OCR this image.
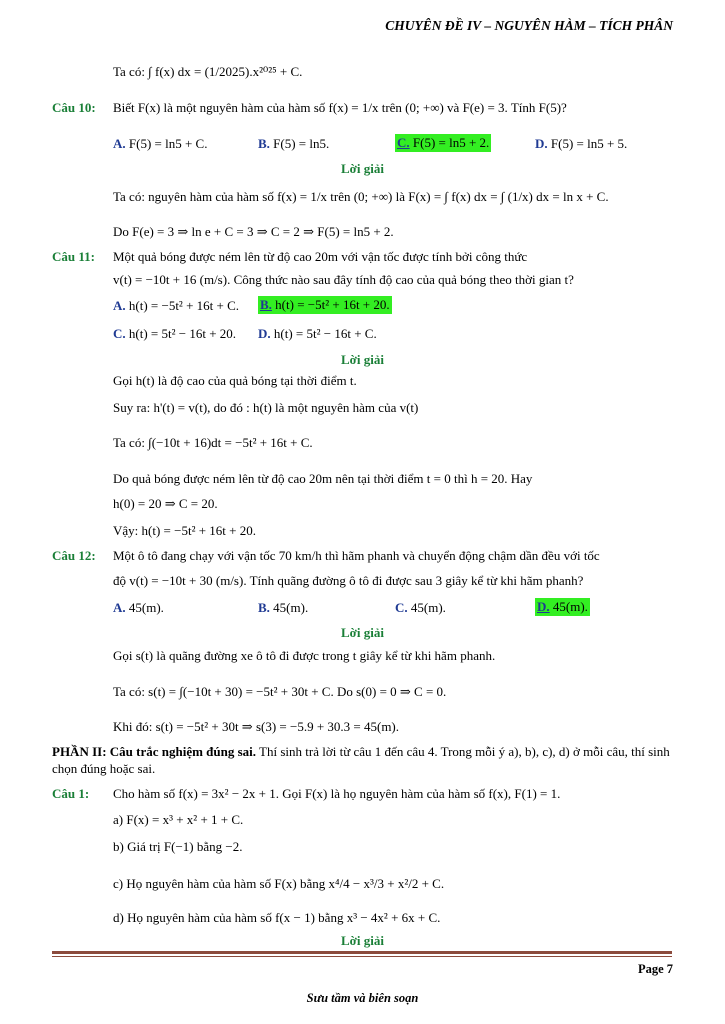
CHUYÊN ĐỀ IV – NGUYÊN HÀM – TÍCH PHÂN
Ta có: ∫ f(x) dx = (1/2025).x²⁰²⁵ + C.
Câu 10: Biết F(x) là một nguyên hàm của hàm số f(x) = 1/x trên (0; +∞) và F(e) = 3. Tính F(5)?
A. F(5) = ln5 + C.	B. F(5) = ln5.	C. F(5) = ln5 + 2.	D. F(5) = ln5 + 5.
Lời giải
Ta có: nguyên hàm của hàm số f(x) = 1/x trên (0; +∞) là F(x) = ∫ f(x) dx = ∫ (1/x) dx = ln x + C.
Do F(e) = 3 ⇒ ln e + C = 3 ⇒ C = 2 ⇒ F(5) = ln5 + 2.
Câu 11: Một quả bóng được ném lên từ độ cao 20m với vận tốc được tính bởi công thức
v(t) = −10t + 16 (m/s). Công thức nào sau đây tính độ cao của quả bóng theo thời gian t?
A. h(t) = −5t² + 16t + C. B. h(t) = −5t² + 16t + 20.
C. h(t) = 5t² − 16t + 20. D. h(t) = 5t² − 16t + C.
Lời giải
Gọi h(t) là độ cao của quả bóng tại thời điểm t.
Suy ra: h'(t) = v(t), do đó : h(t) là một nguyên hàm của v(t)
Ta có: ∫(−10t + 16)dt = −5t² + 16t + C.
Do quả bóng được ném lên từ độ cao 20m nên tại thời điểm t = 0 thì h = 20. Hay
h(0) = 20 ⇒ C = 20.
Vậy: h(t) = −5t² + 16t + 20.
Câu 12: Một ô tô đang chạy với vận tốc 70 km/h thì hãm phanh và chuyển động chậm dần đều với tốc
độ v(t) = −10t + 30 (m/s). Tính quãng đường ô tô đi được sau 3 giây kể từ khi hãm phanh?
A. 45(m).	B. 45(m).	C. 45(m).	D. 45(m).
Lời giải
Gọi s(t) là quãng đường xe ô tô đi được trong t giây kể từ khi hãm phanh.
Ta có: s(t) = ∫(−10t + 30) = −5t² + 30t + C. Do s(0) = 0 ⇒ C = 0.
Khi đó: s(t) = −5t² + 30t ⇒ s(3) = −5.9 + 30.3 = 45(m).
PHẦN II: Câu trắc nghiệm đúng sai. Thí sinh trả lời từ câu 1 đến câu 4. Trong mỗi ý a), b), c), d) ở mỗi câu, thí sinh chọn đúng hoặc sai.
Câu 1: Cho hàm số f(x) = 3x² − 2x + 1. Gọi F(x) là họ nguyên hàm của hàm số f(x), F(1) = 1.
a) F(x) = x³ + x² + 1 + C.
b) Giá trị F(−1) bằng −2.
c) Họ nguyên hàm của hàm số F(x) bằng x⁴/4 − x³/3 + x²/2 + C.
d) Họ nguyên hàm của hàm số f(x − 1) bằng x³ − 4x² + 6x + C.
Lời giải
Page 7
Sưu tầm và biên soạn
